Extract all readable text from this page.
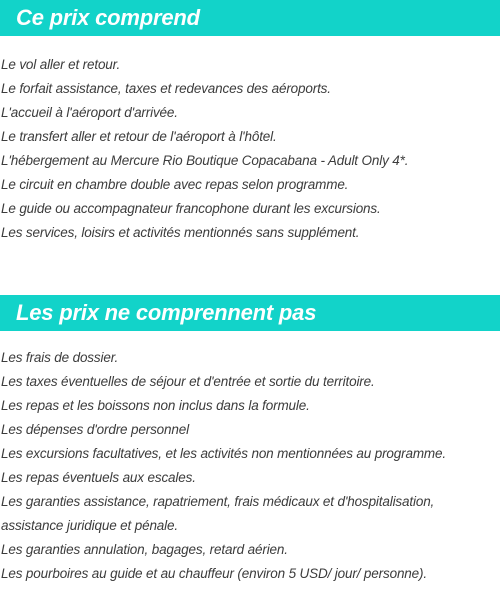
Ce prix comprend
Le vol aller et retour.
Le forfait assistance, taxes et redevances des aéroports.
L'accueil à l'aéroport d'arrivée.
Le transfert aller et retour de l'aéroport à l'hôtel.
L'hébergement au Mercure Rio Boutique Copacabana - Adult Only 4*.
Le circuit en chambre double avec repas selon programme.
Le guide ou accompagnateur francophone durant les excursions.
Les services, loisirs et activités mentionnés sans supplément.
Les prix ne comprennent pas
Les frais de dossier.
Les taxes éventuelles de séjour et d'entrée et sortie du territoire.
Les repas et les boissons non inclus dans la formule.
Les dépenses d'ordre personnel
Les excursions facultatives, et les activités non mentionnées au programme.
Les repas éventuels aux escales.
Les garanties assistance, rapatriement, frais médicaux et d'hospitalisation,
assistance juridique et pénale.
Les garanties annulation, bagages, retard aérien.
Les pourboires au guide et au chauffeur (environ 5 USD/ jour/ personne).
